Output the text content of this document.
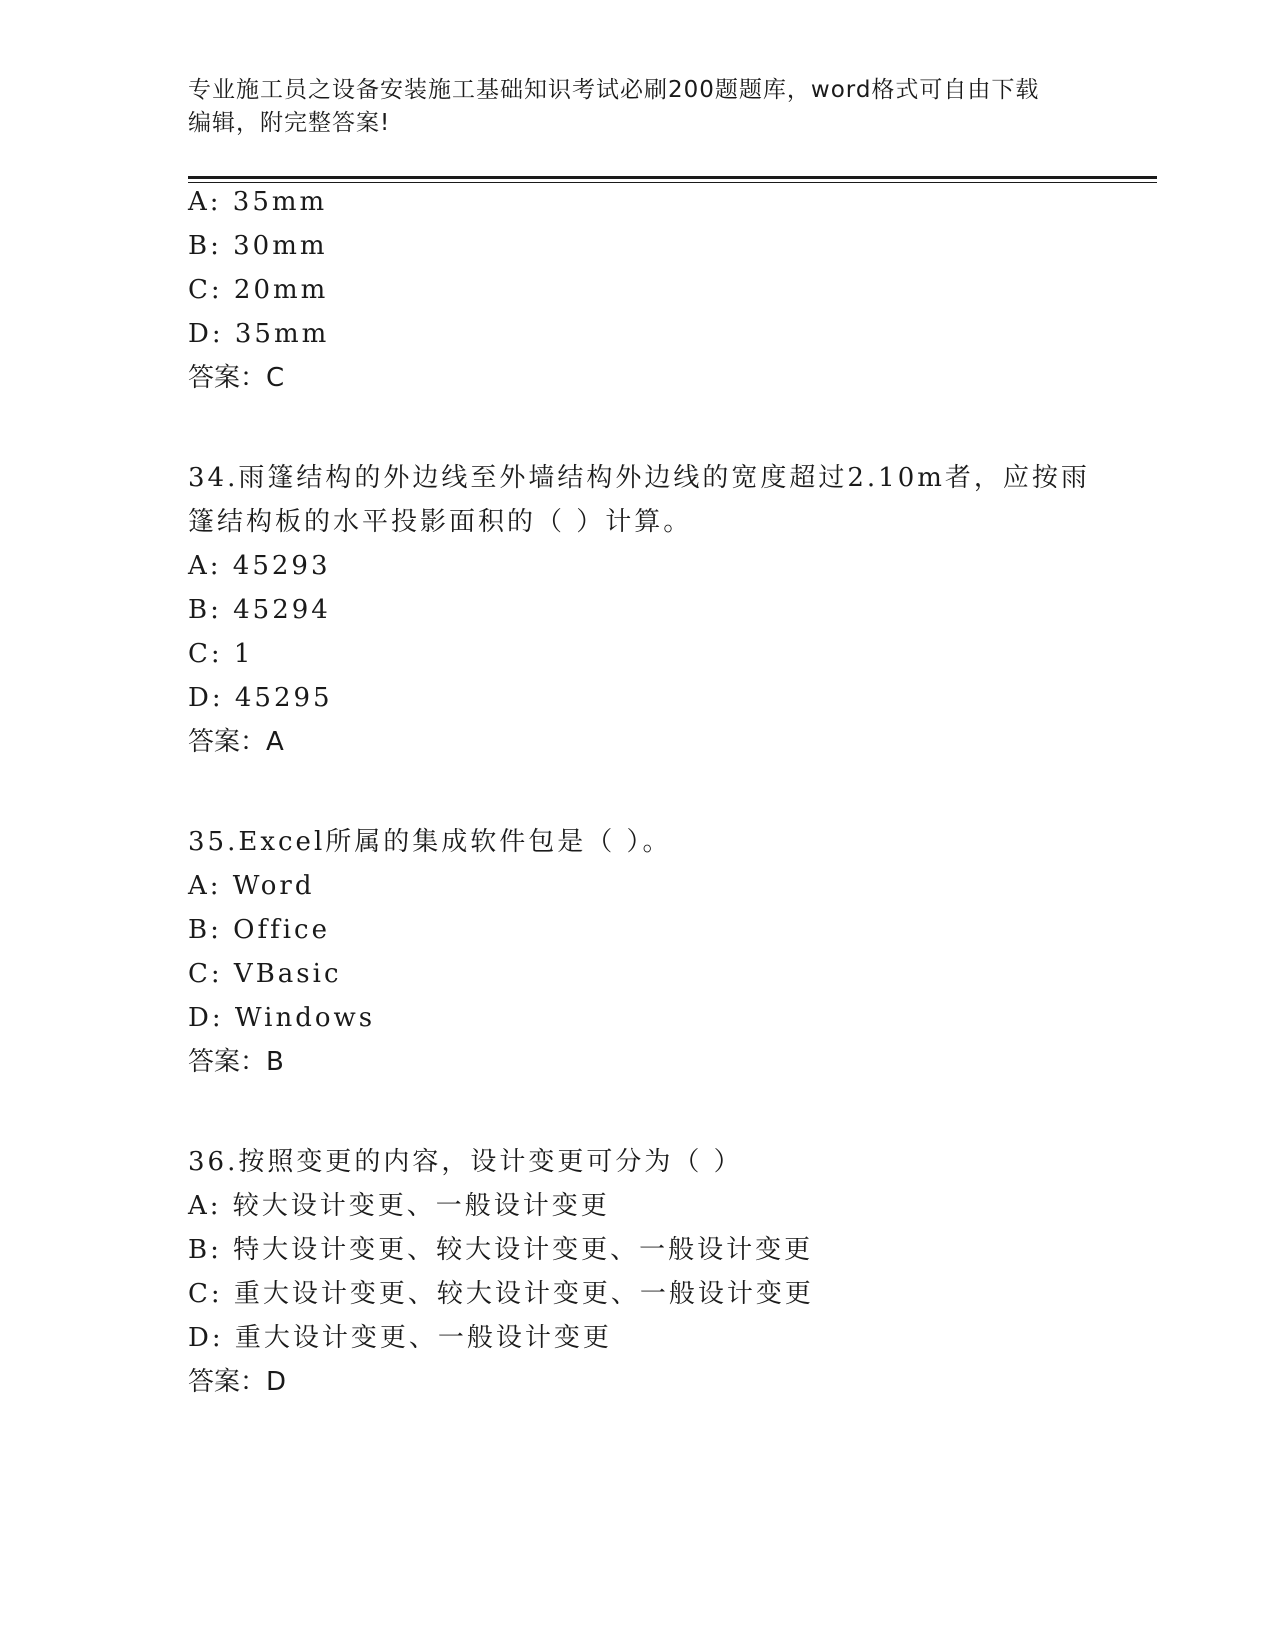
专业施工员之设备安装施工基础知识考试必刷200题题库，word格式可自由下载
编辑，附完整答案!
A: 35mm
B: 30mm
C: 20mm
D: 35mm
答案：C
34.雨篷结构的外边线至外墙结构外边线的宽度超过2.10m者，应按雨
篷结构板的水平投影面积的（ ）计算。
A: 45293
B: 45294
C: 1
D: 45295
答案：A
35.Excel所属的集成软件包是（ ）。
A: Word
B: Office
C: VBasic
D: Windows
答案：B
36.按照变更的内容，设计变更可分为（ ）
A: 较大设计变更、一般设计变更
B: 特大设计变更、较大设计变更、一般设计变更
C: 重大设计变更、较大设计变更、一般设计变更
D: 重大设计变更、一般设计变更
答案：D
